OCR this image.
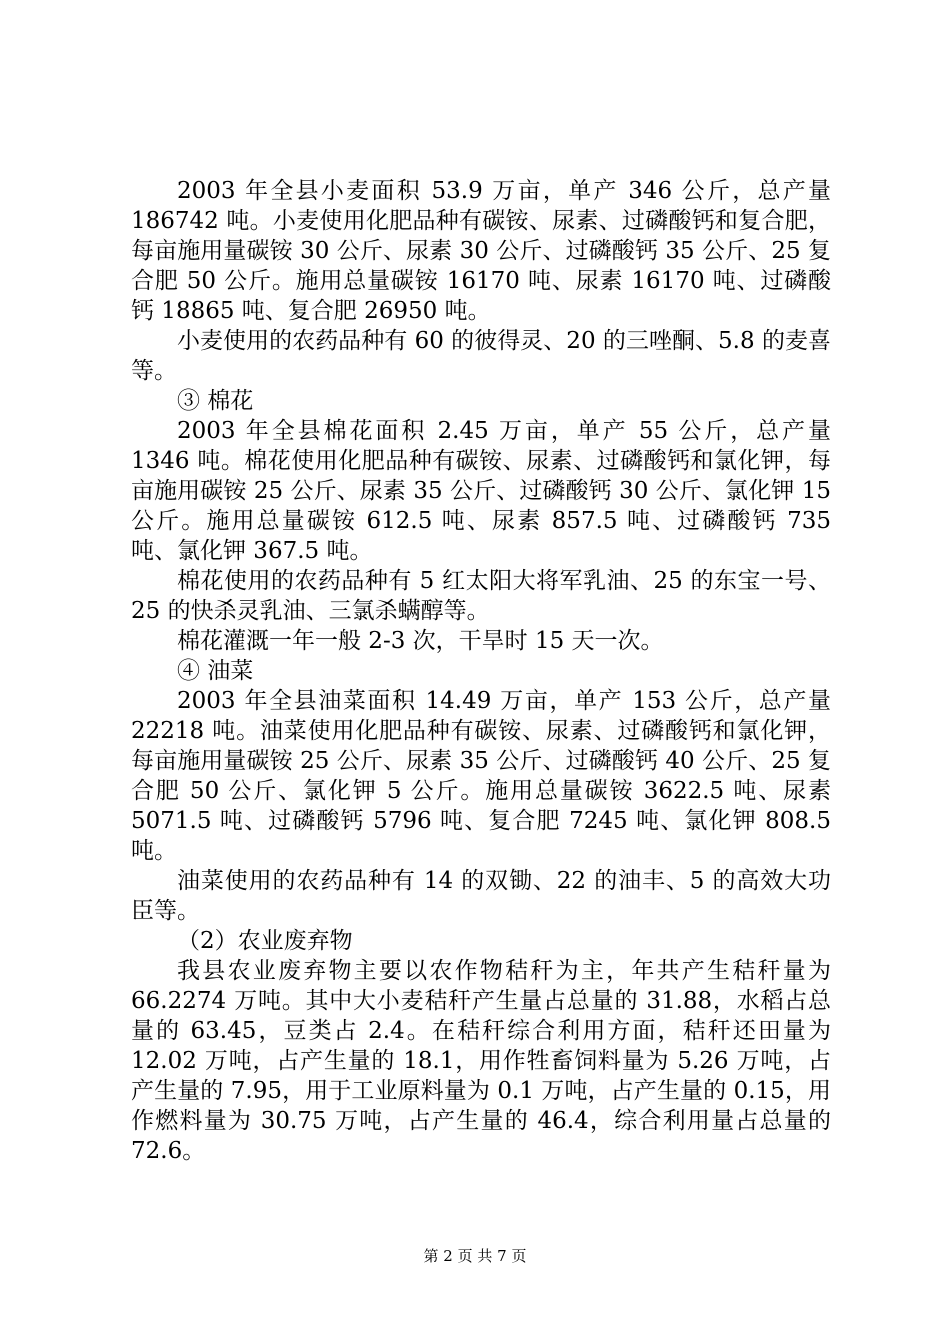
2003 年全县小麦面积 53.9 万亩，单产 346 公斤，总产量 186742 吨。小麦使用化肥品种有碳铵、尿素、过磷酸钙和复合肥，每亩施用量碳铵 30 公斤、尿素 30 公斤、过磷酸钙 35 公斤、25 复合肥 50 公斤。施用总量碳铵 16170 吨、尿素 16170 吨、过磷酸钙 18865 吨、复合肥 26950 吨。

小麦使用的农药品种有 60 的彼得灵、20 的三唑酮、5.8 的麦喜等。

③ 棉花

2003 年全县棉花面积 2.45 万亩，单产 55 公斤，总产量 1346 吨。棉花使用化肥品种有碳铵、尿素、过磷酸钙和氯化钾，每亩施用碳铵 25 公斤、尿素 35 公斤、过磷酸钙 30 公斤、氯化钾 15 公斤。施用总量碳铵 612.5 吨、尿素 857.5 吨、过磷酸钙 735 吨、氯化钾 367.5 吨。

棉花使用的农药品种有 5 红太阳大将军乳油、25 的东宝一号、25 的快杀灵乳油、三氯杀螨醇等。

棉花灌溉一年一般 2-3 次，干旱时 15 天一次。

④ 油菜

2003 年全县油菜面积 14.49 万亩，单产 153 公斤，总产量 22218 吨。油菜使用化肥品种有碳铵、尿素、过磷酸钙和氯化钾，每亩施用量碳铵 25 公斤、尿素 35 公斤、过磷酸钙 40 公斤、25 复合肥 50 公斤、氯化钾 5 公斤。施用总量碳铵 3622.5 吨、尿素 5071.5 吨、过磷酸钙 5796 吨、复合肥 7245 吨、氯化钾 808.5 吨。

油菜使用的农药品种有 14 的双锄、22 的油丰、5 的高效大功臣等。

（2）农业废弃物

我县农业废弃物主要以农作物秸秆为主，年共产生秸秆量为 66.2274 万吨。其中大小麦秸秆产生量占总量的 31.88，水稻占总量的 63.45，豆类占 2.4。在秸秆综合利用方面，秸秆还田量为 12.02 万吨，占产生量的 18.1，用作牲畜饲料量为 5.26 万吨，占产生量的 7.95，用于工业原料量为 0.1 万吨，占产生量的 0.15，用作燃料量为 30.75 万吨，占产生量的 46.4，综合利用量占总量的 72.6。

第 2 页 共 7 页
